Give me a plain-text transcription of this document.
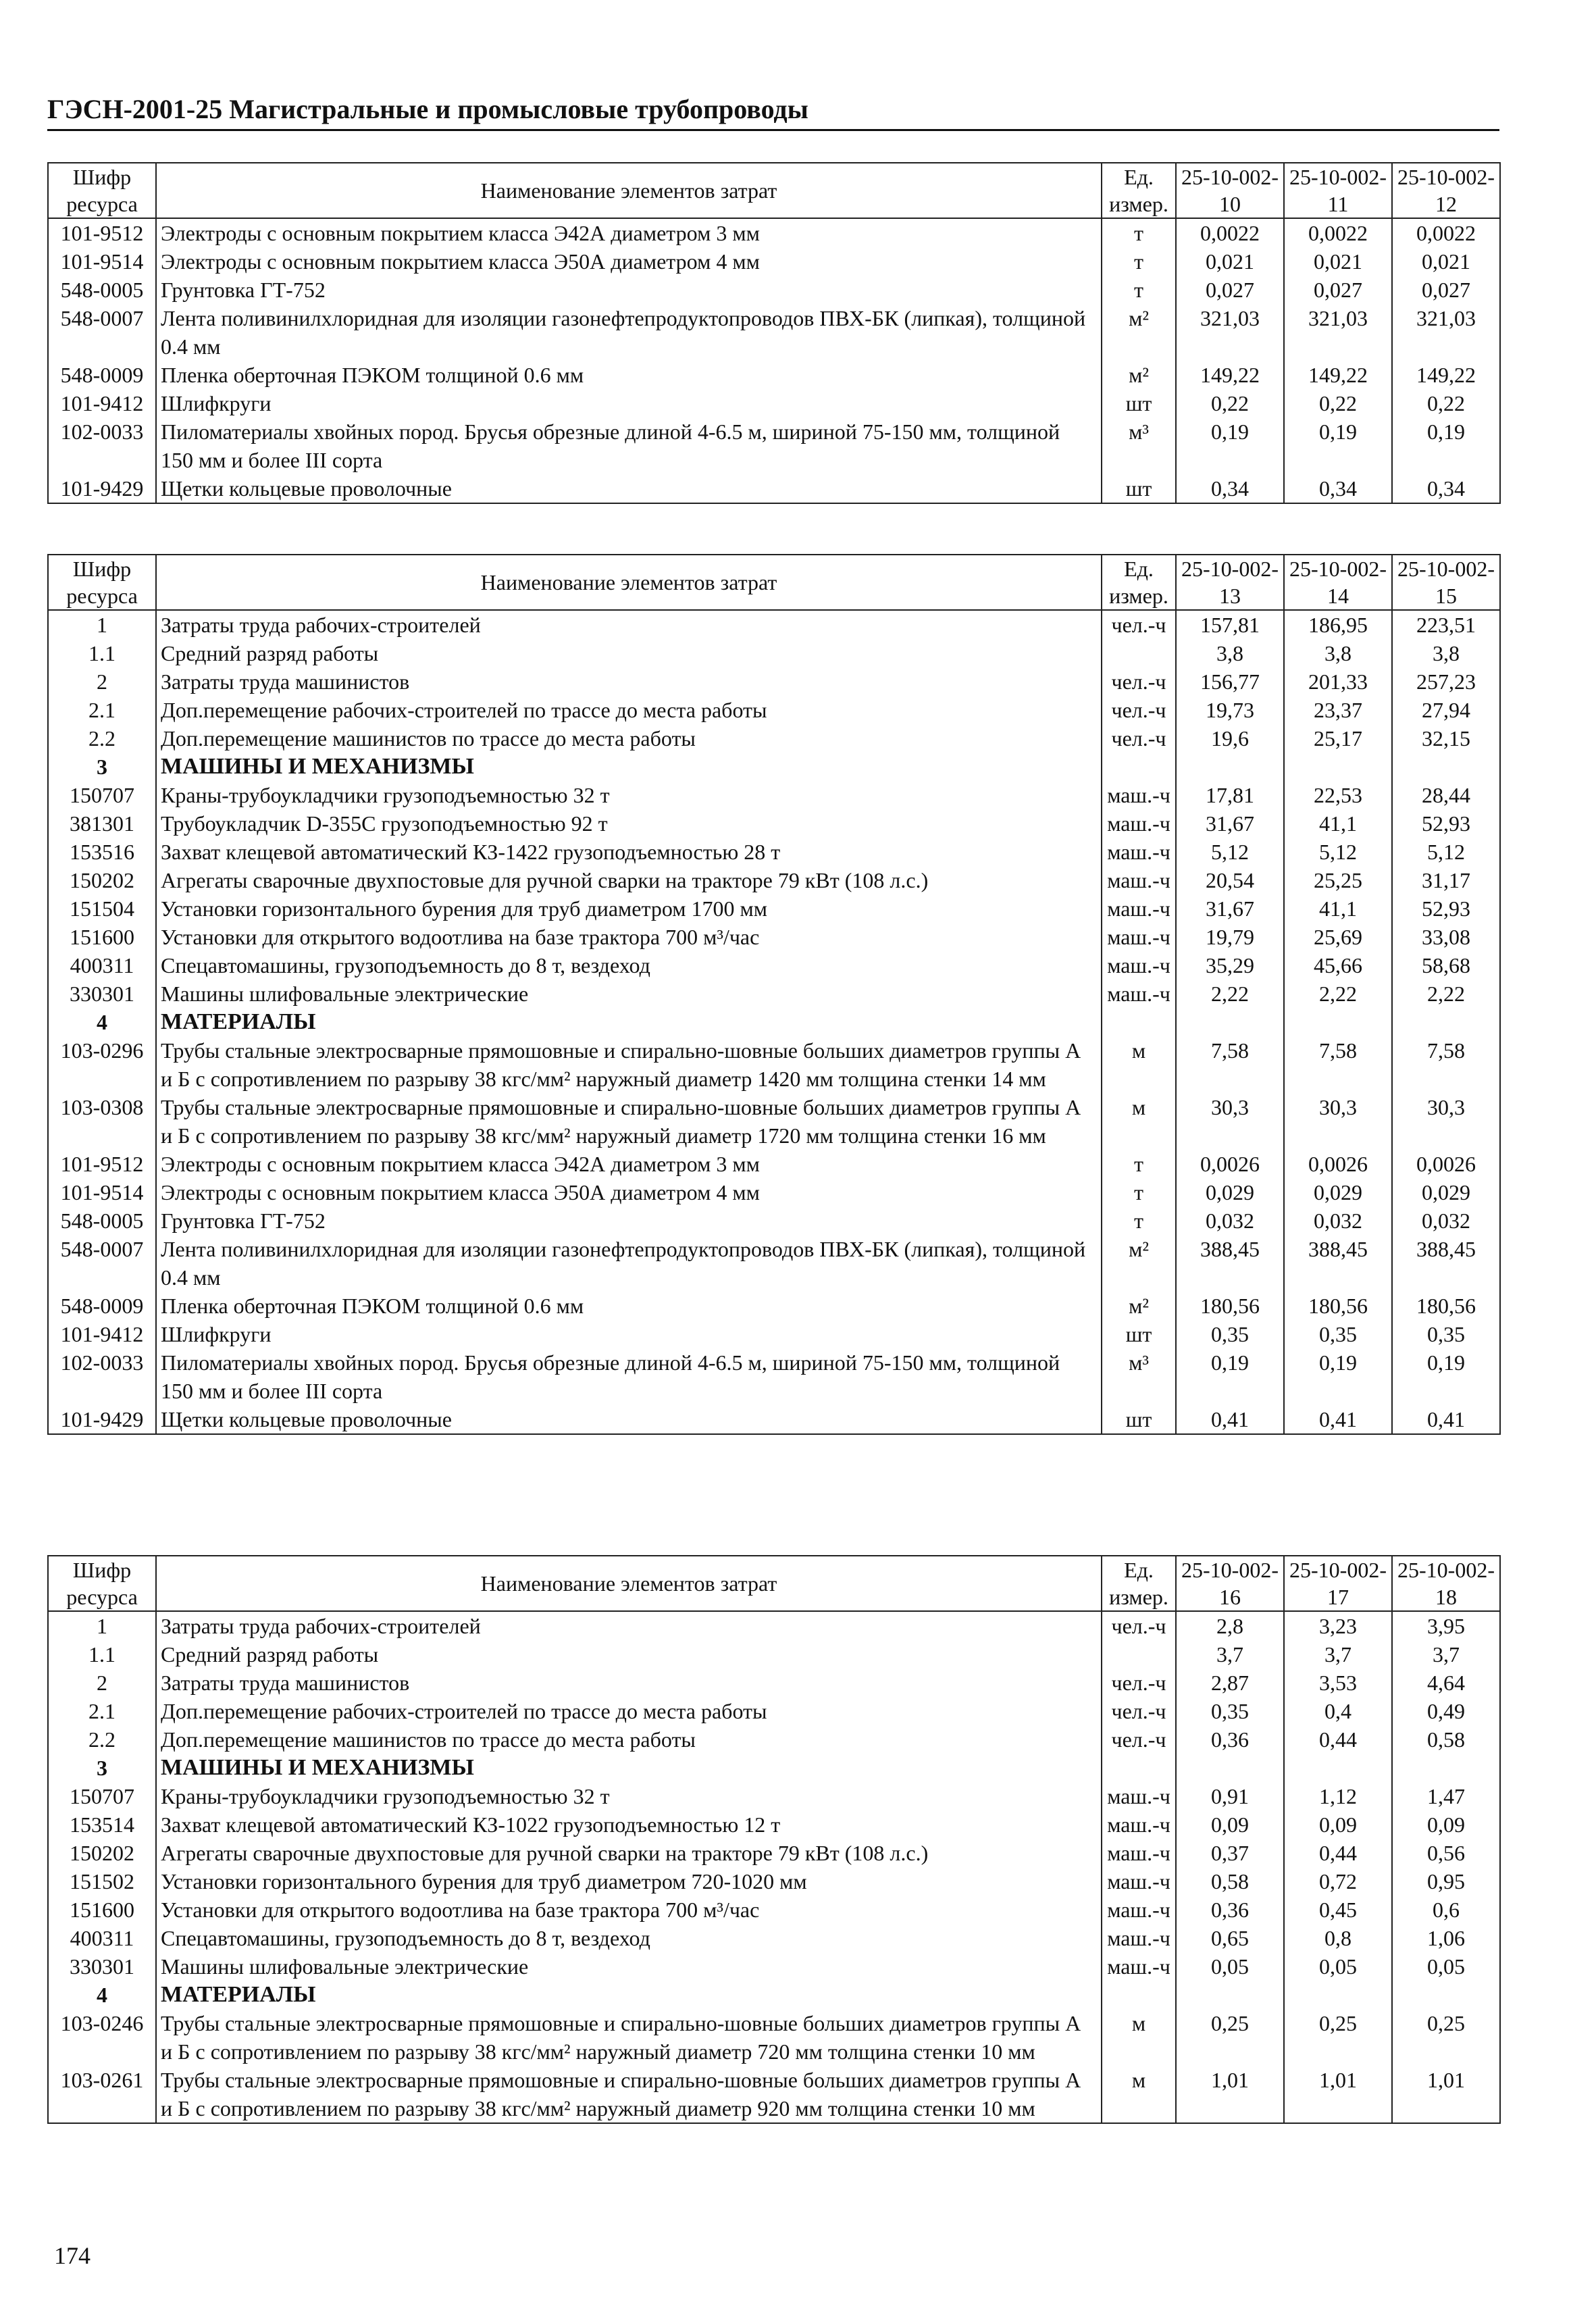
ГЭСН-2001-25 Магистральные и промысловые трубопроводы
Шифр ресурса	Наименование элементов затрат	Ед. измер.	25-10-002-10	25-10-002-11	25-10-002-12
101-9512	Электроды с основным покрытием класса Э42А диаметром 3 мм	т	0,0022	0,0022	0,0022
101-9514	Электроды с основным покрытием класса Э50А диаметром 4 мм	т	0,021	0,021	0,021
548-0005	Грунтовка ГТ-752	т	0,027	0,027	0,027
548-0007	Лента поливинилхлоридная для изоляции газонефтепродуктопроводов ПВХ-БК (липкая), толщиной 0.4 мм	м²	321,03	321,03	321,03
548-0009	Пленка оберточная ПЭКОМ толщиной 0.6 мм	м²	149,22	149,22	149,22
101-9412	Шлифкруги	шт	0,22	0,22	0,22
102-0033	Пиломатериалы хвойных пород. Брусья обрезные длиной 4-6.5 м, шириной 75-150 мм, толщиной 150 мм и более III сорта	м³	0,19	0,19	0,19
101-9429	Щетки кольцевые проволочные	шт	0,34	0,34	0,34
Шифр ресурса	Наименование элементов затрат	Ед. измер.	25-10-002-13	25-10-002-14	25-10-002-15
1	Затраты труда рабочих-строителей	чел.-ч	157,81	186,95	223,51
1.1	Средний разряд работы		3,8	3,8	3,8
2	Затраты труда машинистов	чел.-ч	156,77	201,33	257,23
2.1	Доп.перемещение рабочих-строителей по трассе до места работы	чел.-ч	19,73	23,37	27,94
2.2	Доп.перемещение машинистов по трассе до места работы	чел.-ч	19,6	25,17	32,15
3	МАШИНЫ И МЕХАНИЗМЫ				
150707	Краны-трубоукладчики грузоподъемностью 32 т	маш.-ч	17,81	22,53	28,44
381301	Трубоукладчик D-355C грузоподъемностью 92 т	маш.-ч	31,67	41,1	52,93
153516	Захват клещевой автоматический КЗ-1422 грузоподъемностью 28 т	маш.-ч	5,12	5,12	5,12
150202	Агрегаты сварочные двухпостовые для ручной сварки на тракторе 79 кВт (108 л.с.)	маш.-ч	20,54	25,25	31,17
151504	Установки горизонтального бурения для труб диаметром 1700 мм	маш.-ч	31,67	41,1	52,93
151600	Установки для открытого водоотлива на базе трактора 700 м³/час	маш.-ч	19,79	25,69	33,08
400311	Спецавтомашины, грузоподъемность до 8 т, вездеход	маш.-ч	35,29	45,66	58,68
330301	Машины шлифовальные электрические	маш.-ч	2,22	2,22	2,22
4	МАТЕРИАЛЫ				
103-0296	Трубы стальные электросварные прямошовные и спирально-шовные больших диаметров группы А и Б с сопротивлением по разрыву 38 кгс/мм² наружный диаметр 1420 мм толщина стенки 14 мм	м	7,58	7,58	7,58
103-0308	Трубы стальные электросварные прямошовные и спирально-шовные больших диаметров группы А и Б с сопротивлением по разрыву 38 кгс/мм² наружный диаметр 1720 мм толщина стенки 16 мм	м	30,3	30,3	30,3
101-9512	Электроды с основным покрытием класса Э42А диаметром 3 мм	т	0,0026	0,0026	0,0026
101-9514	Электроды с основным покрытием класса Э50А диаметром 4 мм	т	0,029	0,029	0,029
548-0005	Грунтовка ГТ-752	т	0,032	0,032	0,032
548-0007	Лента поливинилхлоридная для изоляции газонефтепродуктопроводов ПВХ-БК (липкая), толщиной 0.4 мм	м²	388,45	388,45	388,45
548-0009	Пленка оберточная ПЭКОМ толщиной 0.6 мм	м²	180,56	180,56	180,56
101-9412	Шлифкруги	шт	0,35	0,35	0,35
102-0033	Пиломатериалы хвойных пород. Брусья обрезные длиной 4-6.5 м, шириной 75-150 мм, толщиной 150 мм и более III сорта	м³	0,19	0,19	0,19
101-9429	Щетки кольцевые проволочные	шт	0,41	0,41	0,41
Шифр ресурса	Наименование элементов затрат	Ед. измер.	25-10-002-16	25-10-002-17	25-10-002-18
1	Затраты труда рабочих-строителей	чел.-ч	2,8	3,23	3,95
1.1	Средний разряд работы		3,7	3,7	3,7
2	Затраты труда машинистов	чел.-ч	2,87	3,53	4,64
2.1	Доп.перемещение рабочих-строителей по трассе до места работы	чел.-ч	0,35	0,4	0,49
2.2	Доп.перемещение машинистов по трассе до места работы	чел.-ч	0,36	0,44	0,58
3	МАШИНЫ И МЕХАНИЗМЫ				
150707	Краны-трубоукладчики грузоподъемностью 32 т	маш.-ч	0,91	1,12	1,47
153514	Захват клещевой автоматический КЗ-1022 грузоподъемностью 12 т	маш.-ч	0,09	0,09	0,09
150202	Агрегаты сварочные двухпостовые для ручной сварки на тракторе 79 кВт (108 л.с.)	маш.-ч	0,37	0,44	0,56
151502	Установки горизонтального бурения для труб диаметром 720-1020 мм	маш.-ч	0,58	0,72	0,95
151600	Установки для открытого водоотлива на базе трактора 700 м³/час	маш.-ч	0,36	0,45	0,6
400311	Спецавтомашины, грузоподъемность до 8 т, вездеход	маш.-ч	0,65	0,8	1,06
330301	Машины шлифовальные электрические	маш.-ч	0,05	0,05	0,05
4	МАТЕРИАЛЫ				
103-0246	Трубы стальные электросварные прямошовные и спирально-шовные больших диаметров группы А и Б с сопротивлением по разрыву 38 кгс/мм² наружный диаметр 720 мм толщина стенки 10 мм	м	0,25	0,25	0,25
103-0261	Трубы стальные электросварные прямошовные и спирально-шовные больших диаметров группы А и Б с сопротивлением по разрыву 38 кгс/мм² наружный диаметр 920 мм толщина стенки 10 мм	м	1,01	1,01	1,01
174
